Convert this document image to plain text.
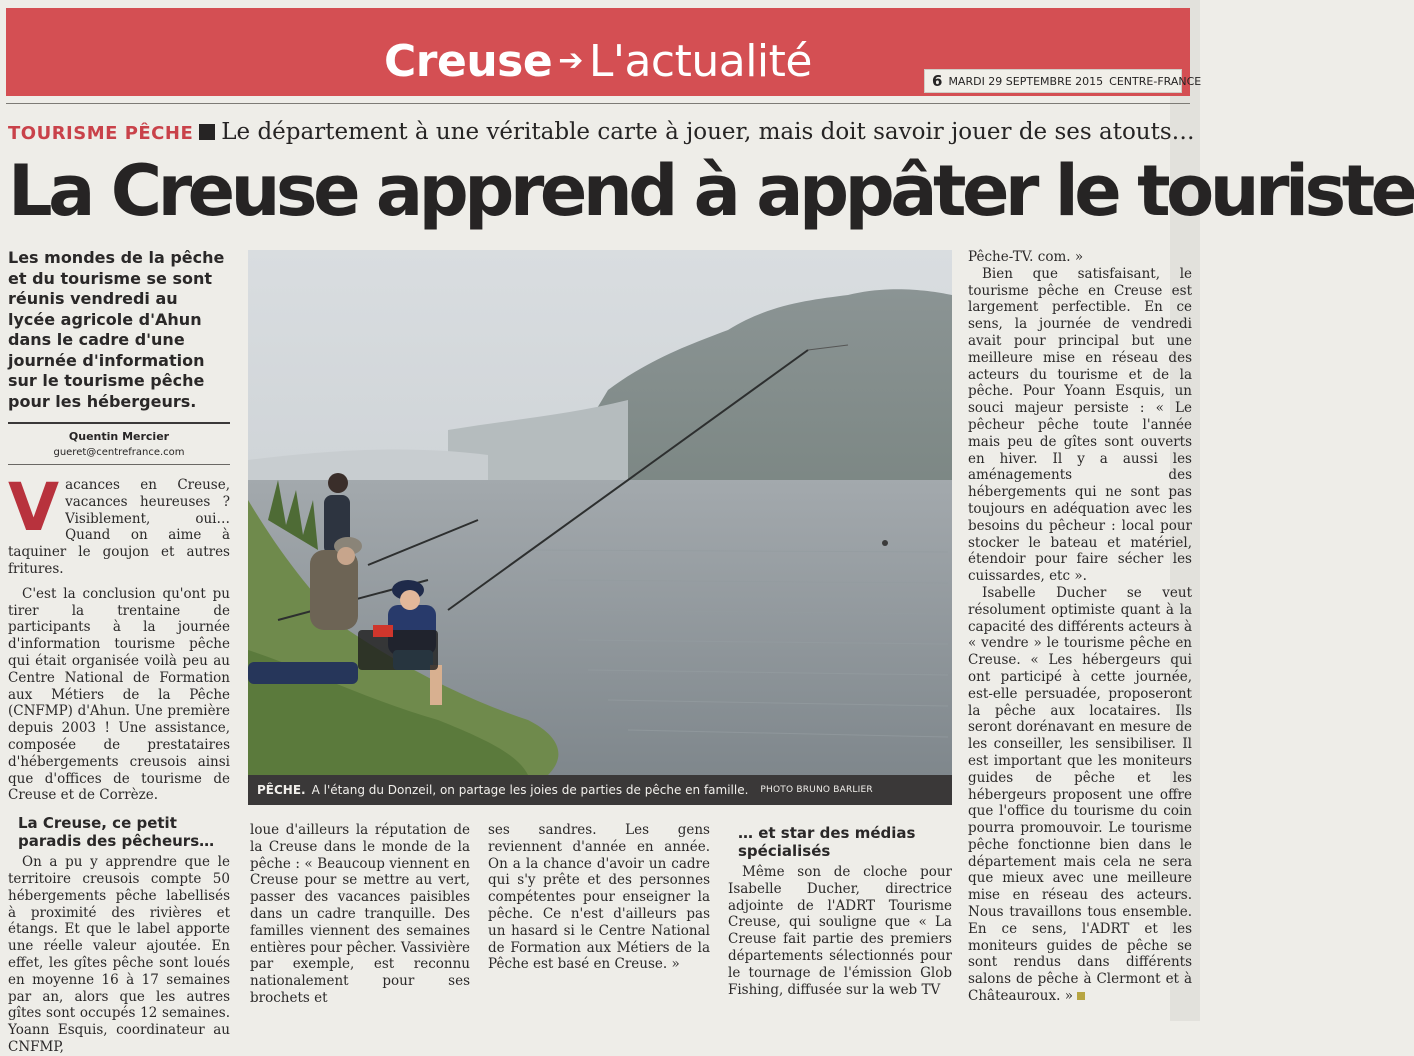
Creuse ➔ L'actualité	6 MARDI 29 SEPTEMBRE 2015 CENTRE-FRANCE
TOURISME PÊCHE Le département à une véritable carte à jouer, mais doit savoir jouer de ses atouts…
La Creuse apprend à appâter le touriste
Les mondes de la pêche et du tourisme se sont réunis vendredi au lycée agricole d'Ahun dans le cadre d'une journée d'information sur le tourisme pêche pour les hébergeurs.
Quentin Mercier
gueret@centrefrance.com
Vacances en Creuse, vacances heureuses ? Visiblement, oui… Quand on aime à taquiner le goujon et autres fritures.
C'est la conclusion qu'ont pu tirer la trentaine de participants à la journée d'information tourisme pêche qui était organisée voilà peu au Centre National de Formation aux Métiers de la Pêche (CNFMP) d'Ahun. Une première depuis 2003 ! Une assistance, composée de prestataires d'hébergements creusois ainsi que d'offices de tourisme de Creuse et de Corrèze.
La Creuse, ce petit paradis des pêcheurs…
On a pu y apprendre que le territoire creusois compte 50 hébergements pêche labellisés à proximité des rivières et étangs. Et que le label apporte une réelle valeur ajoutée. En effet, les gîtes pêche sont loués en moyenne 16 à 17 semaines par an, alors que les autres gîtes sont occupés 12 semaines. Yoann Esquis, coordinateur au CNFMP,
PÊCHE. A l'étang du Donzeil, on partage les joies de parties de pêche en famille. PHOTO BRUNO BARLIER
loue d'ailleurs la réputation de la Creuse dans le monde de la pêche : « Beaucoup viennent en Creuse pour se mettre au vert, passer des vacances paisibles dans un cadre tranquille. Des familles viennent des semaines entières pour pêcher. Vassivière par exemple, est reconnu nationalement pour ses brochets et
ses sandres. Les gens reviennent d'année en année. On a la chance d'avoir un cadre qui s'y prête et des personnes compétentes pour enseigner la pêche. Ce n'est d'ailleurs pas un hasard si le Centre National de Formation aux Métiers de la Pêche est basé en Creuse. »
… et star des médias spécialisés
Même son de cloche pour Isabelle Ducher, directrice adjointe de l'ADRT Tourisme Creuse, qui souligne que « La Creuse fait partie des premiers départements sélectionnés pour le tournage de l'émission Glob Fishing, diffusée sur la web TV
Pêche-TV. com. »
Bien que satisfaisant, le tourisme pêche en Creuse est largement perfectible. En ce sens, la journée de vendredi avait pour principal but une meilleure mise en réseau des acteurs du tourisme et de la pêche. Pour Yoann Esquis, un souci majeur persiste : « Le pêcheur pêche toute l'année mais peu de gîtes sont ouverts en hiver. Il y a aussi les aménagements des hébergements qui ne sont pas toujours en adéquation avec les besoins du pêcheur : local pour stocker le bateau et matériel, étendoir pour faire sécher les cuissardes, etc ».
Isabelle Ducher se veut résolument optimiste quant à la capacité des différents acteurs à « vendre » le tourisme pêche en Creuse. « Les hébergeurs qui ont participé à cette journée, est-elle persuadée, proposeront la pêche aux locataires. Ils seront dorénavant en mesure de les conseiller, les sensibiliser. Il est important que les moniteurs guides de pêche et les hébergeurs proposent une offre que l'office du tourisme du coin pourra promouvoir. Le tourisme pêche fonctionne bien dans le département mais cela ne sera que mieux avec une meilleure mise en réseau des acteurs. Nous travaillons tous ensemble. En ce sens, l'ADRT et les moniteurs guides de pêche se sont rendus dans différents salons de pêche à Clermont et à Châteauroux. »
